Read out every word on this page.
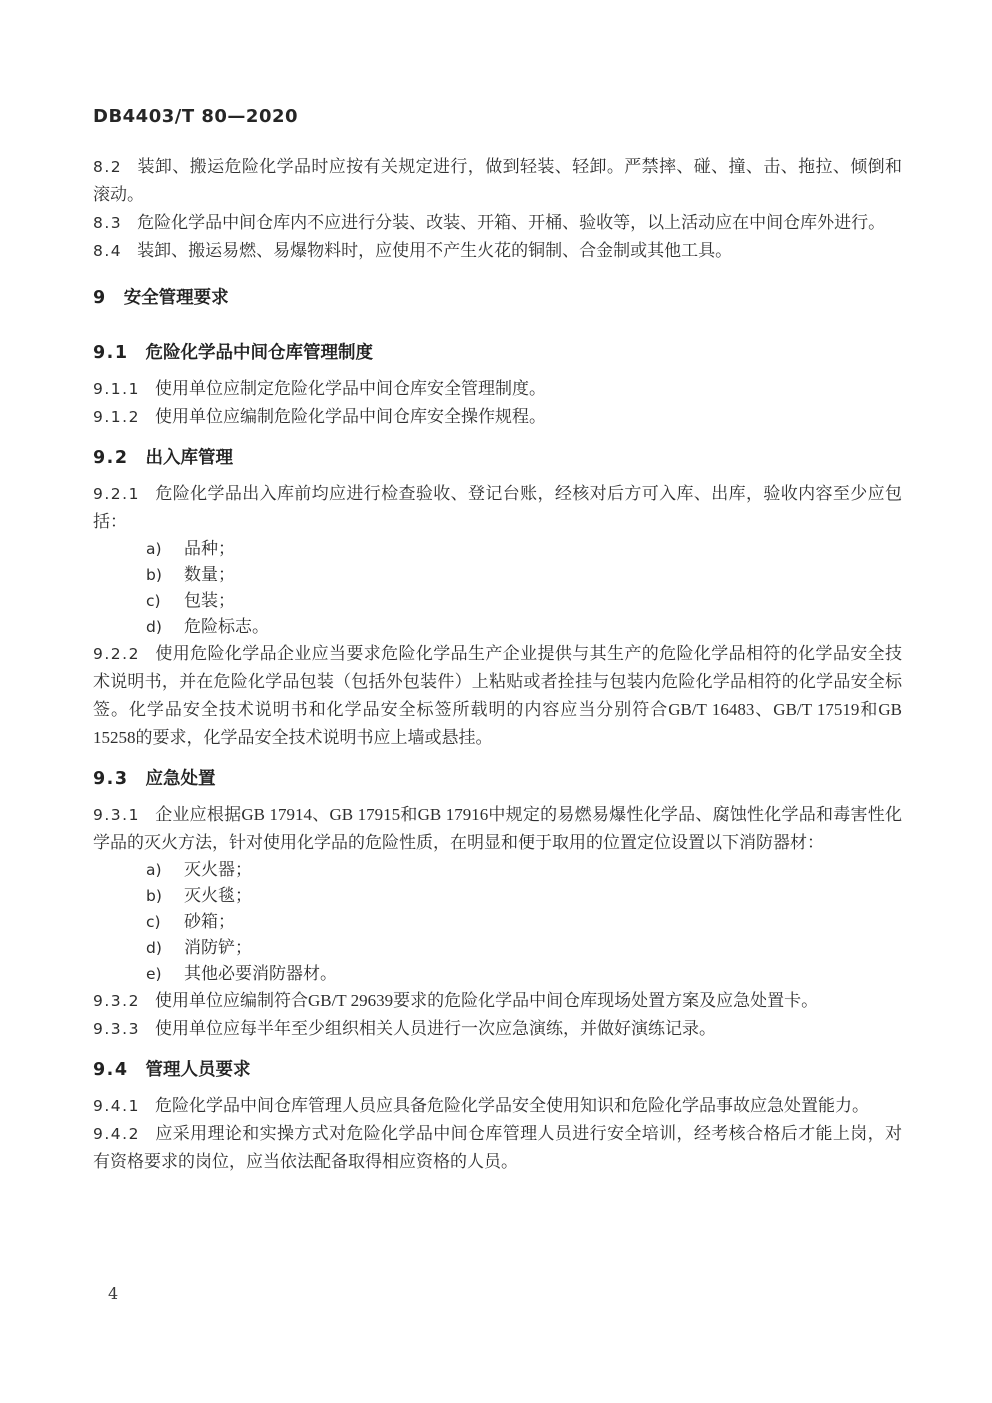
DB4403/T 80—2020

8.2 装卸、搬运危险化学品时应按有关规定进行，做到轻装、轻卸。严禁摔、碰、撞、击、拖拉、倾倒和滚动。

8.3 危险化学品中间仓库内不应进行分装、改装、开箱、开桶、验收等，以上活动应在中间仓库外进行。

8.4 装卸、搬运易燃、易爆物料时，应使用不产生火花的铜制、合金制或其他工具。

9 安全管理要求
9.1 危险化学品中间仓库管理制度

9.1.1 使用单位应制定危险化学品中间仓库安全管理制度。

9.1.2 使用单位应编制危险化学品中间仓库安全操作规程。

9.2 出入库管理

9.2.1 危险化学品出入库前均应进行检查验收、登记台账，经核对后方可入库、出库，验收内容至少应包括：

a) 品种；
b) 数量；
c) 包装；
d) 危险标志。

9.2.2 使用危险化学品企业应当要求危险化学品生产企业提供与其生产的危险化学品相符的化学品安全技术说明书，并在危险化学品包装（包括外包装件）上粘贴或者拴挂与包装内危险化学品相符的化学品安全标签。化学品安全技术说明书和化学品安全标签所载明的内容应当分别符合GB/T 16483、GB/T 17519和GB 15258的要求，化学品安全技术说明书应上墙或悬挂。

9.3 应急处置

9.3.1 企业应根据GB 17914、GB 17915和GB 17916中规定的易燃易爆性化学品、腐蚀性化学品和毒害性化学品的灭火方法，针对使用化学品的危险性质，在明显和便于取用的位置定位设置以下消防器材：

a) 灭火器；
b) 灭火毯；
c) 砂箱；
d) 消防铲；
e) 其他必要消防器材。

9.3.2 使用单位应编制符合GB/T 29639要求的危险化学品中间仓库现场处置方案及应急处置卡。

9.3.3 使用单位应每半年至少组织相关人员进行一次应急演练，并做好演练记录。

9.4 管理人员要求

9.4.1 危险化学品中间仓库管理人员应具备危险化学品安全使用知识和危险化学品事故应急处置能力。

9.4.2 应采用理论和实操方式对危险化学品中间仓库管理人员进行安全培训，经考核合格后才能上岗，对有资格要求的岗位，应当依法配备取得相应资格的人员。

4
